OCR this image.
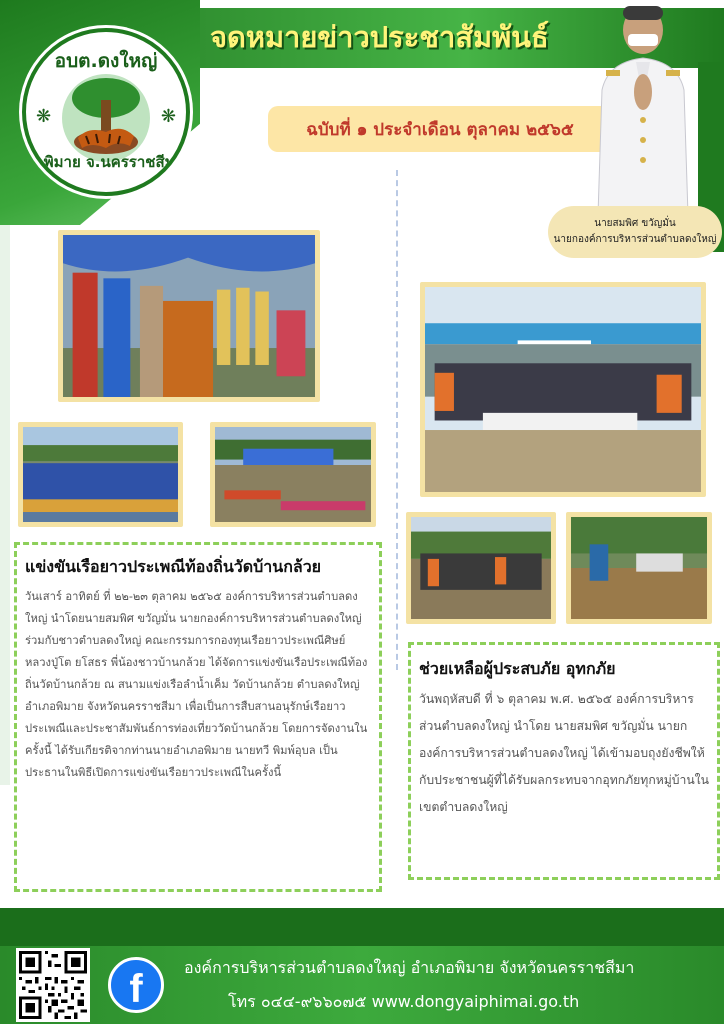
จดหมายข่าวประชาสัมพันธ์
ฉบับที่ ๑ ประจำเดือน ตุลาคม ๒๕๖๕
อบต.ดงใหญ่
❋	❋
อ.พิมาย จ.นครราชสีมา
นายสมพิศ ขวัญมั่น
นายกองค์การบริหารส่วนตำบลดงใหญ่
แข่งขันเรือยาวประเพณีท้องถิ่นวัดบ้านกล้วย

วันเสาร์ อาทิตย์ ที่ ๒๒-๒๓ ตุลาคม ๒๕๖๕ องค์การบริหารส่วนตำบลดงใหญ่ นำโดยนายสมพิศ ขวัญมั่น นายกองค์การบริหารส่วนตำบลดงใหญ่ ร่วมกับชาวตำบลดงใหญ่ คณะกรรมการกองทุนเรือยาวประเพณีศิษย์หลวงปู่โต ยโสธร พี่น้องชาวบ้านกล้วย ได้จัดการแข่งขันเรือประเพณีท้องถิ่นวัดบ้านกล้วย ณ สนามแข่งเรือลำน้ำเค็ม วัดบ้านกล้วย ตำบลดงใหญ่ อำเภอพิมาย จังหวัดนครราชสีมา เพื่อเป็นการสืบสานอนุรักษ์เรือยาวประเพณีและประชาสัมพันธ์การท่องเที่ยววัดบ้านกล้วย โดยการจัดงานในครั้งนี้ ได้รับเกียรติจากท่านนายอำเภอพิมาย นายทวี พิมพ์อุบล เป็นประธานในพิธีเปิดการแข่งขันเรือยาวประเพณีในครั้งนี้

ช่วยเหลือผู้ประสบภัย อุทกภัย

วันพฤหัสบดี ที่ ๖ ตุลาคม พ.ศ. ๒๕๖๕ องค์การบริหารส่วนตำบลดงใหญ่ นำโดย นายสมพิศ ขวัญมั่น นายกองค์การบริหารส่วนตำบลดงใหญ่ ได้เข้ามอบถุงยังชีพให้กับประชาชนผู้ที่ได้รับผลกระทบจากอุทกภัยทุกหมู่บ้านในเขตตำบลดงใหญ่

f	องค์การบริหารส่วนตำบลดงใหญ่ อำเภอพิมาย จังหวัดนครราชสีมา
โทร ๐๔๔-๙๖๖๐๗๕ www.dongyaiphimai.go.th
